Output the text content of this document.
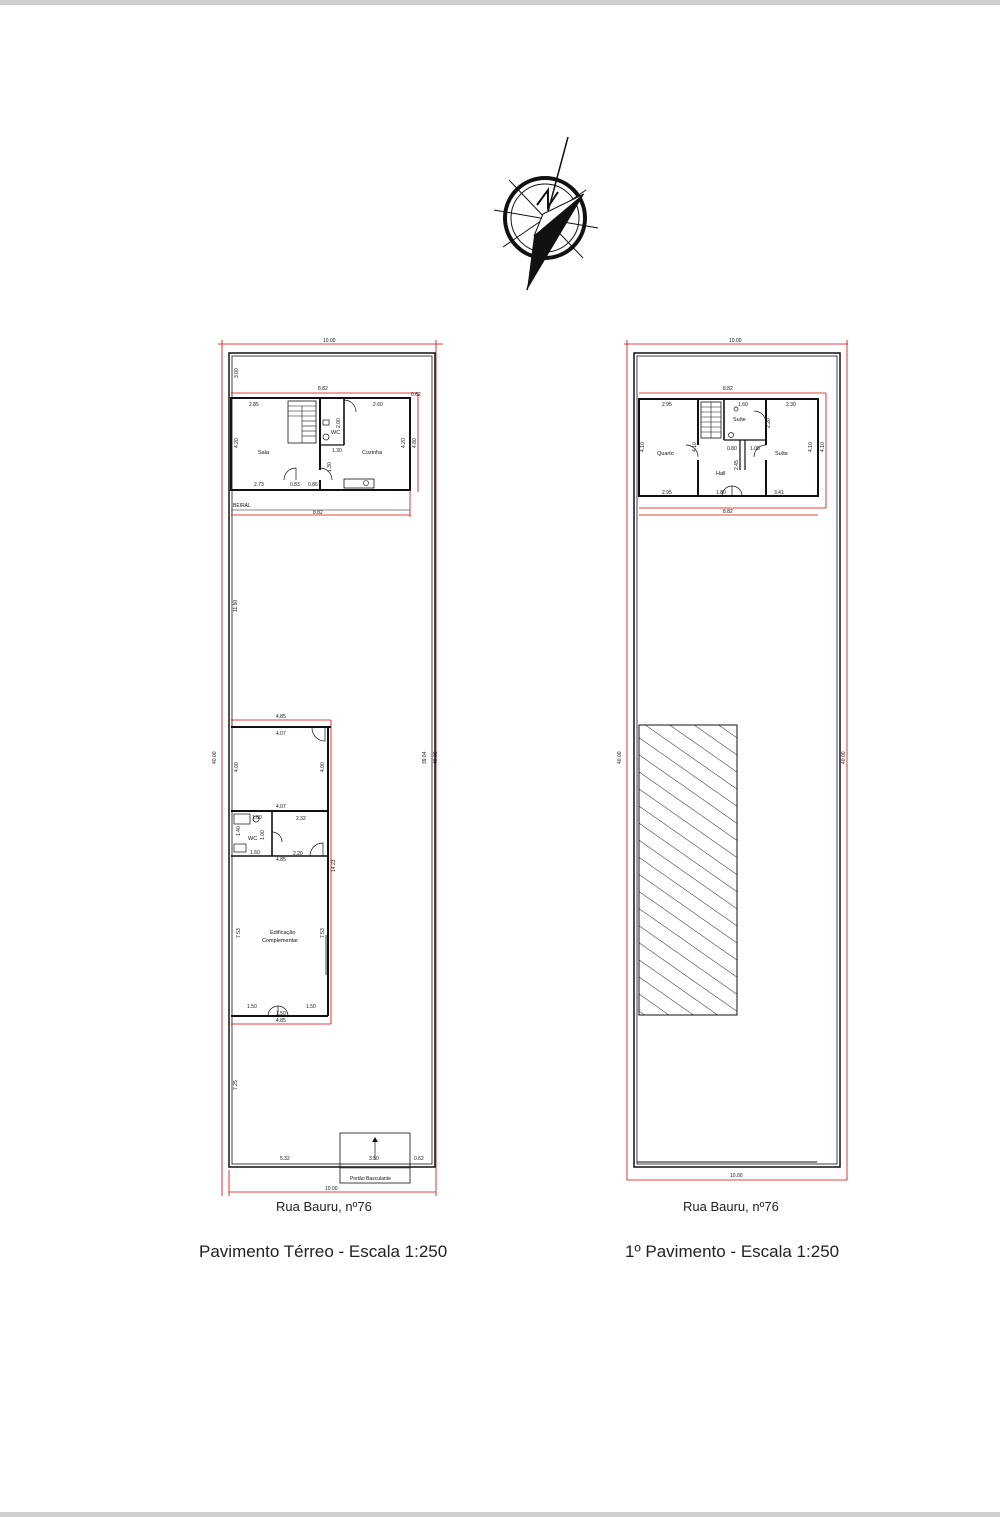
Sala
WC
Cozinha
BEIRAL
10.00
8.82
0.62
3.00
2.85	2.60
4.20	4.20 4.80
2.73	0.83 0.86
1.30
2.00
1.30
8.82
11.50
40.00	39.64 40.00
WC
Edificação
Complementar
4.85
4.07
4.00	4.00
4.07
1.00	2.32
1.40	1.00
1.60	2.20
4.85	14.23
7.53	7.53
1.50
1.50
1.50
4.85
7.25
Portão Basculante
5.32	3.50	0.62
10.00
Rua Bauru, nº76
Pavimento Térreo - Escala 1:250
Quarto
Suíte
Hall
Suíte
10.00
8.82
2.95	1.60	2.30
4.10	4.10	4.10 4.10
2.20
0.80	1.05
2.45
2.95	1.80	3.41
8.82
40.00	40.00
10.00
Rua Bauru, nº76
1º Pavimento - Escala 1:250
